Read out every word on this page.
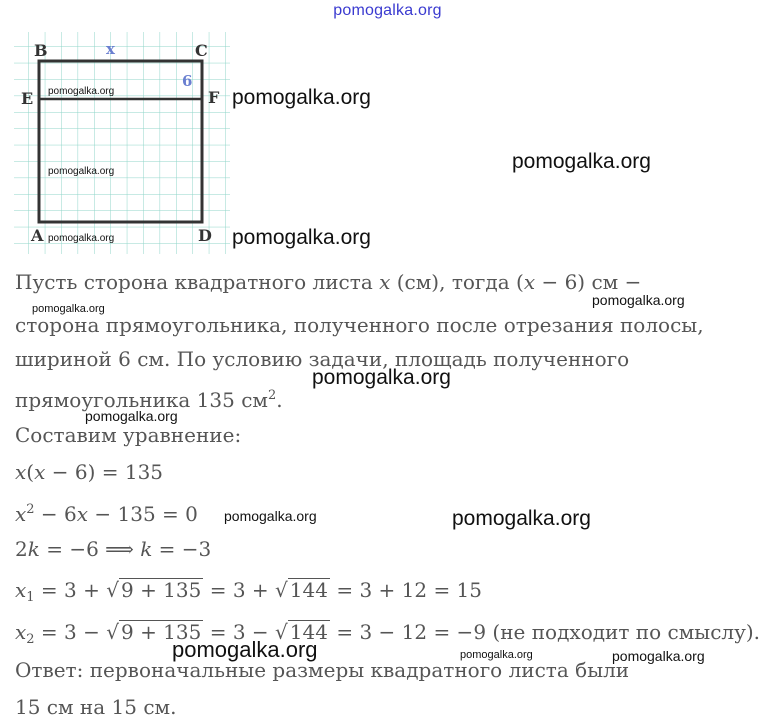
pomogalka.org
B	C
x
6
E	F
A	D
pomogalka.org
pomogalka.org
pomogalka.org
pomogalka.org
pomogalka.org
pomogalka.org
Пусть сторона квадратного листа x (см), тогда (x − 6) см −
pomogalka.org
pomogalka.org
сторона прямоугольника, полученного после отрезания полосы,
шириной 6 см. По условию задачи, площадь полученного
прямоугольника 135 $см^2$.
pomogalka.org
pomogalka.org
Составим уравнение:
x(x − 6) = 135
$x^2 - 6x - 135 = 0$ pomogalka.org	pomogalka.org
2k = −6 ⟹ k = −3
$x_1 = 3$ + √ 9 + 135 = 3 + √ 144 = 3 + 12 = 15
$x_2 = 3$ − √ 9 + 135 = 3 − √ 144 = 3 − 12 = −9 (не подходит по смыслу).
Ответ: первоначальные размеры квадратного листа были
pomogalka.org	pomogalka.org	pomogalka.org
15 см на 15 см.
